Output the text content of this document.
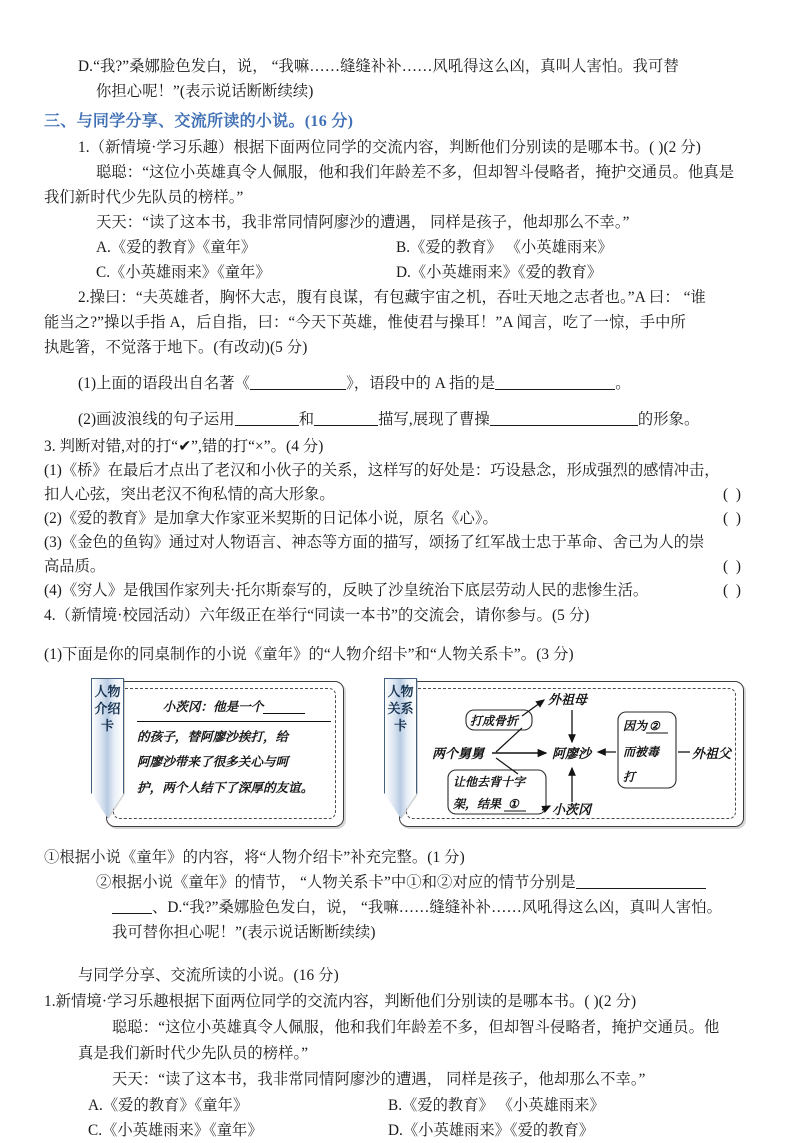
D.“我?”桑娜脸色发白，说， “我嘛……缝缝补补……风吼得这么凶，真叫人害怕。我可替
你担心呢！”(表示说话断断续续)
三、与同学分享、交流所读的小说。(16 分)
1.（新情境·学习乐趣）根据下面两位同学的交流内容，判断他们分别读的是哪本书。( )(2 分)
聪聪：“这位小英雄真令人佩服，他和我们年龄差不多，但却智斗侵略者，掩护交通员。他真是
我们新时代少先队员的榜样。”
天天：“读了这本书，我非常同情阿廖沙的遭遇， 同样是孩子，他却那么不幸。”
A.《爱的教育》《童年》	B.《爱的教育》 《小英雄雨来》
C.《小英雄雨来》《童年》	D.《小英雄雨来》《爱的教育》
2.操曰：“夫英雄者，胸怀大志，腹有良谋，有包藏宇宙之机，吞吐天地之志者也。”A 曰： “谁
能当之?”操以手指 A，后自指，曰：“今天下英雄，惟使君与操耳！”A 闻言，吃了一惊，手中所
执匙箸，不觉落于地下。(有改动)(5 分)
(1)上面的语段出自名著《	》，语段中的 A 指的是	。
(2)画波浪线的句子运用	和	描写,展现了曹操	的形象。
3. 判断对错,对的打“✔”,错的打“×”。(4 分)
(1)《桥》在最后才点出了老汉和小伙子的关系，这样写的好处是：巧设悬念，形成强烈的感情冲击，
扣人心弦，突出老汉不徇私情的高大形象。	( )
(2)《爱的教育》是加拿大作家亚米契斯的日记体小说，原名《心》。	( )
(3)《金色的鱼钩》通过对人物语言、神态等方面的描写，颂扬了红军战士忠于革命、舍己为人的崇
高品质。	( )
(4)《穷人》是俄国作家列夫·托尔斯泰写的，反映了沙皇统治下底层劳动人民的悲惨生活。	( )
4.（新情境·校园活动）六年级正在举行“同读一本书”的交流会，请你参与。(5 分)
(1)下面是你的同桌制作的小说《童年》的“人物介绍卡”和“人物关系卡”。(3 分)
人物介绍卡
小茨冈：他是一个
的孩子，替阿廖沙挨打，给
阿廖沙带来了很多关心与呵
护，两个人结下了深厚的友谊。
人物关系卡
外祖母
打成骨折
两个舅舅	阿廖沙
小茨冈
外祖父
让他去背十字
架，结果 ①
因为 ②
而被毒
打
①根据小说《童年》的内容，将“人物介绍卡”补充完整。(1 分)
②根据小说《童年》的情节， “人物关系卡”中①和②对应的情节分别是
、D.“我?”桑娜脸色发白，说， “我嘛……缝缝补补……风吼得这么凶，真叫人害怕。
我可替你担心呢！”(表示说话断断续续)
与同学分享、交流所读的小说。(16 分)
1.新情境·学习乐趣根据下面两位同学的交流内容，判断他们分别读的是哪本书。( )(2 分)
聪聪：“这位小英雄真令人佩服，他和我们年龄差不多，但却智斗侵略者，掩护交通员。他
真是我们新时代少先队员的榜样。”
天天：“读了这本书，我非常同情阿廖沙的遭遇， 同样是孩子，他却那么不幸。”
A.《爱的教育》《童年》	B.《爱的教育》 《小英雄雨来》
C.《小英雄雨来》《童年》	D.《小英雄雨来》《爱的教育》
